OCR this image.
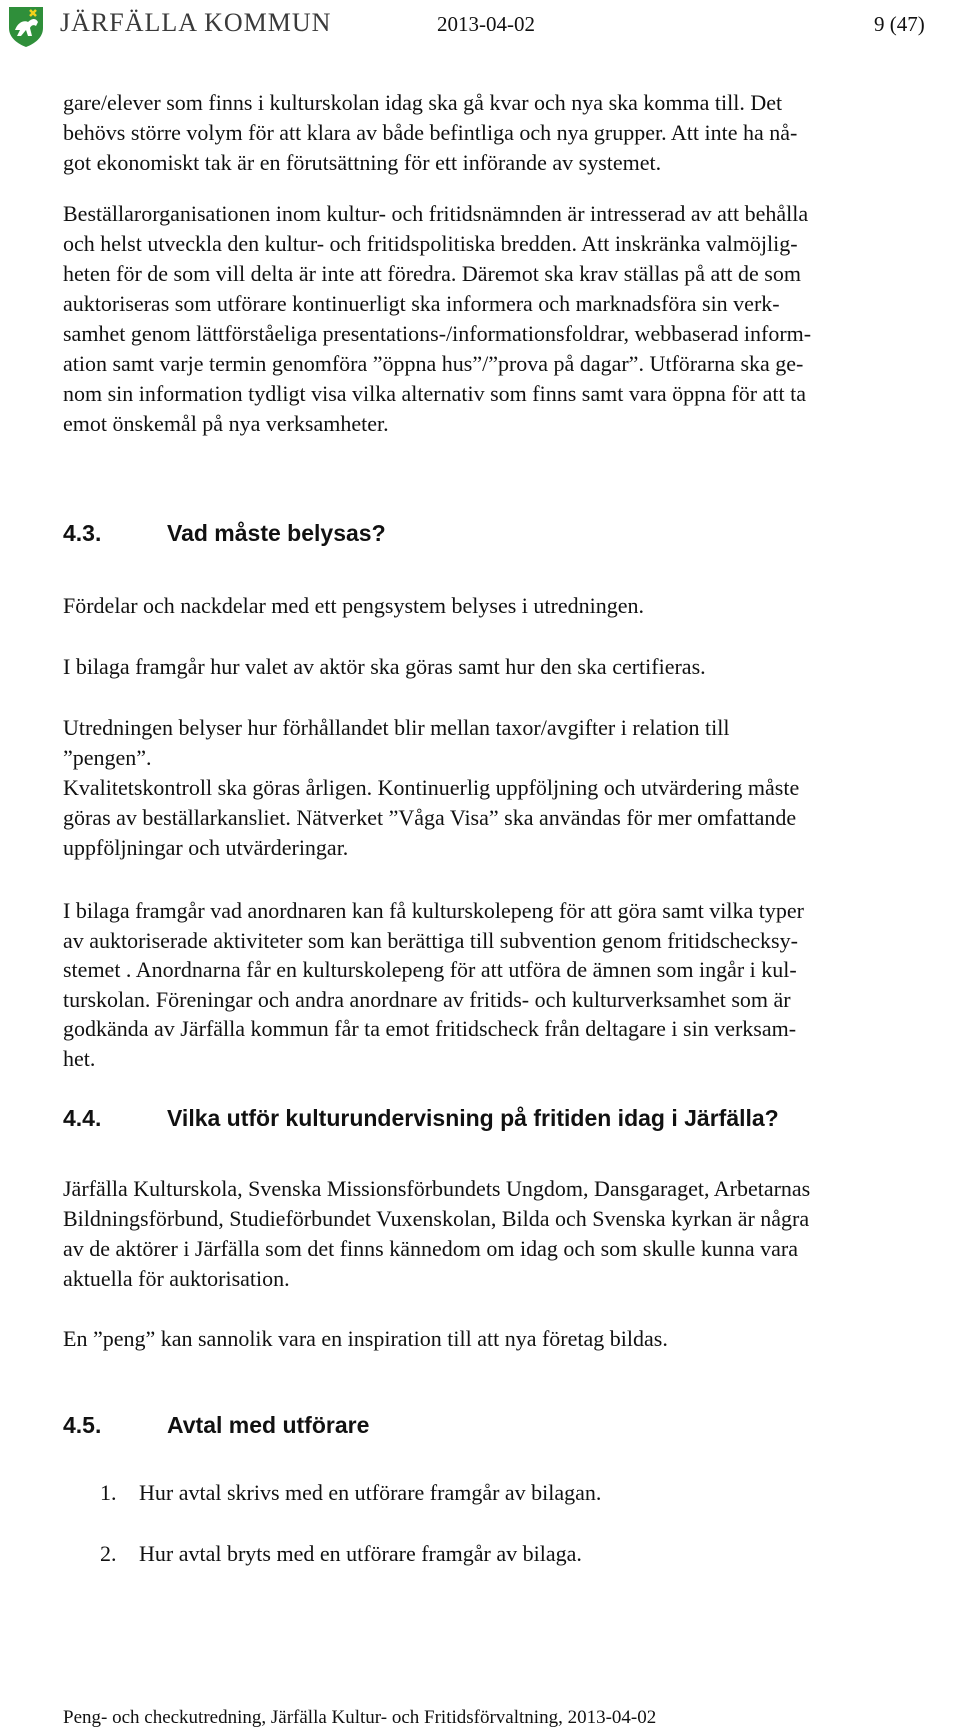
JÄRFÄLLA KOMMUN	2013-04-02	9 (47)

gare/elever som finns i kulturskolan idag ska gå kvar och nya ska komma till. Det
behövs större volym för att klara av både befintliga och nya grupper. Att inte ha nå-
got ekonomiskt tak är en förutsättning för ett införande av systemet.

Beställarorganisationen inom kultur- och fritidsnämnden är intresserad av att behålla
och helst utveckla den kultur- och fritidspolitiska bredden. Att inskränka valmöjlig-
heten för de som vill delta är inte att föredra. Däremot ska krav ställas på att de som
auktoriseras som utförare kontinuerligt ska informera och marknadsföra sin verk-
samhet genom lättförståeliga presentations-/informationsfoldrar, webbaserad inform-
ation samt varje termin genomföra ”öppna hus”/”prova på dagar”. Utförarna ska ge-
nom sin information tydligt visa vilka alternativ som finns samt vara öppna för att ta
emot önskemål på nya verksamheter.

4.3.	Vad måste belysas?

Fördelar och nackdelar med ett pengsystem belyses i utredningen.

I bilaga framgår hur valet av aktör ska göras samt hur den ska certifieras.

Utredningen belyser hur förhållandet blir mellan taxor/avgifter i relation till
”pengen”.
Kvalitetskontroll ska göras årligen. Kontinuerlig uppföljning och utvärdering måste
göras av beställarkansliet. Nätverket ”Våga Visa” ska användas för mer omfattande
uppföljningar och utvärderingar.

I bilaga framgår vad anordnaren kan få kulturskolepeng för att göra samt vilka typer
av auktoriserade aktiviteter som kan berättiga till subvention genom fritidschecksy-
stemet . Anordnarna får en kulturskolepeng för att utföra de ämnen som ingår i kul-
turskolan. Föreningar och andra anordnare av fritids- och kulturverksamhet som är
godkända av Järfälla kommun får ta emot fritidscheck från deltagare i sin verksam-
het.

4.4.	Vilka utför kulturundervisning på fritiden idag i Järfälla?

Järfälla Kulturskola, Svenska Missionsförbundets Ungdom, Dansgaraget, Arbetarnas
Bildningsförbund, Studieförbundet Vuxenskolan, Bilda och Svenska kyrkan är några
av de aktörer i Järfälla som det finns kännedom om idag och som skulle kunna vara
aktuella för auktorisation.

En ”peng” kan sannolik vara en inspiration till att nya företag bildas.

4.5.	Avtal med utförare
1. Hur avtal skrivs med en utförare framgår av bilagan.
2. Hur avtal bryts med en utförare framgår av bilaga.
Peng- och checkutredning, Järfälla Kultur- och Fritidsförvaltning, 2013-04-02
